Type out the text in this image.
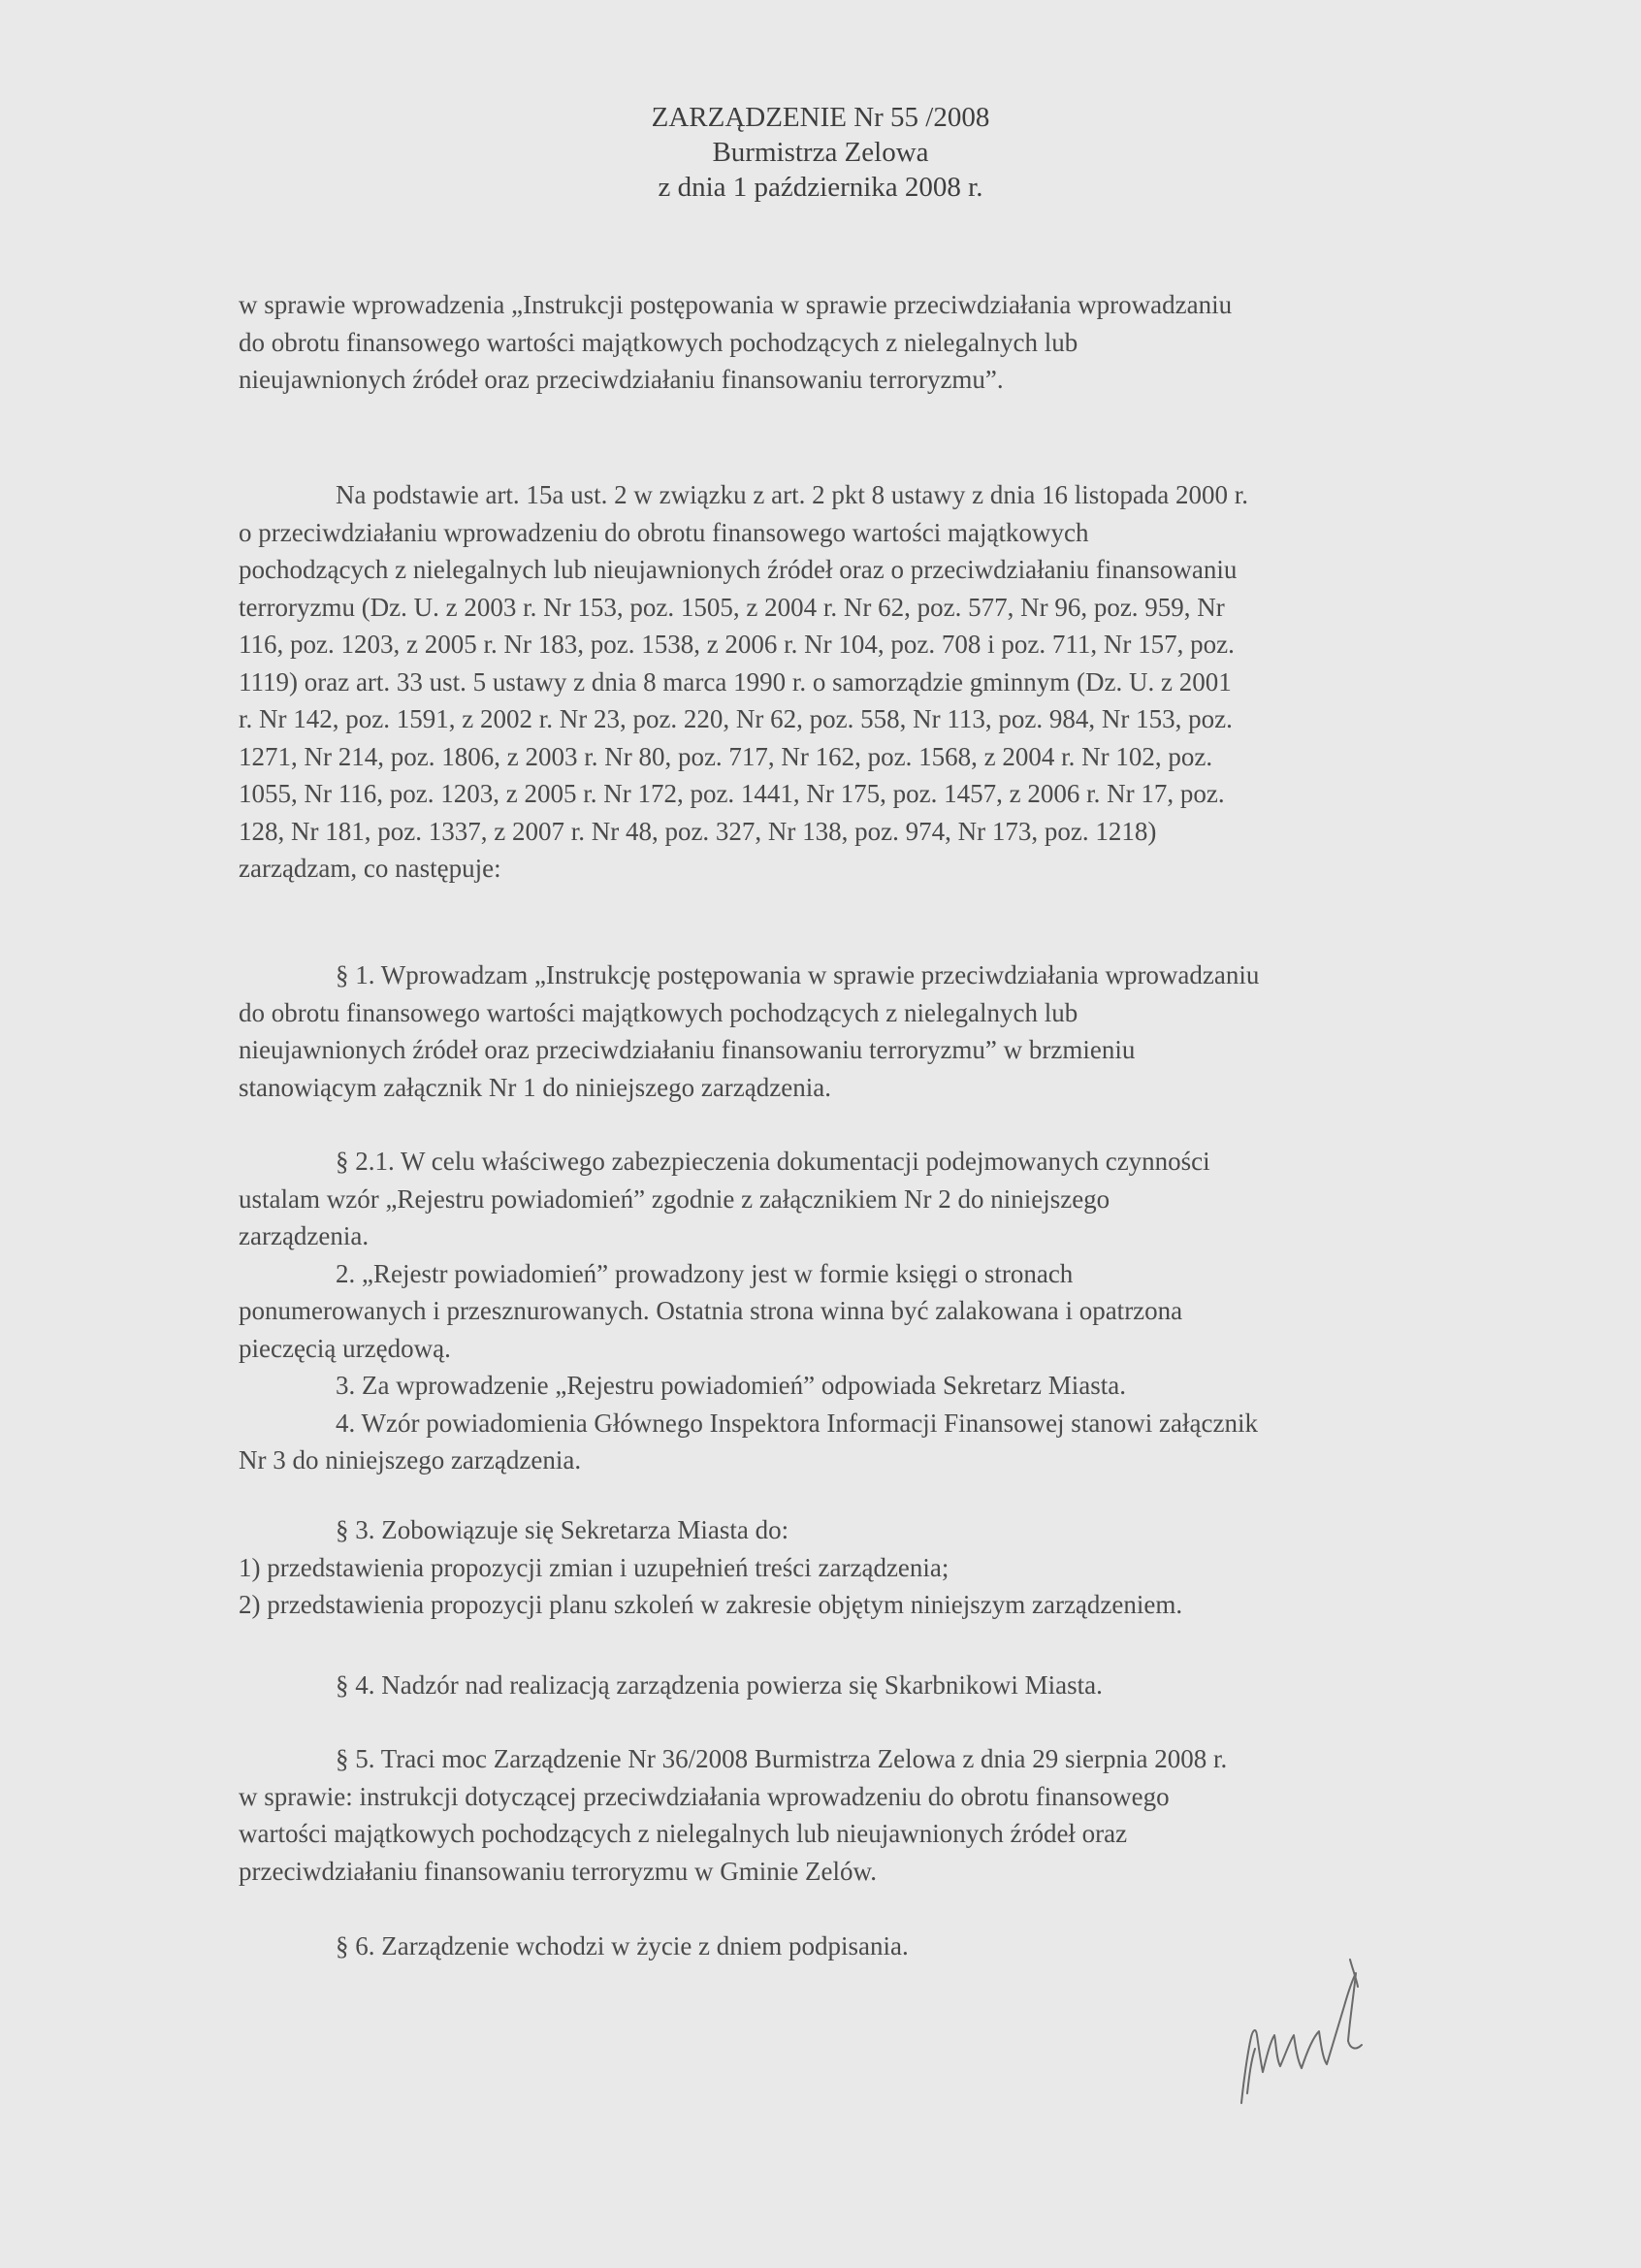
ZARZĄDZENIE Nr 55 /2008
Burmistrza Zelowa
z dnia 1 października 2008 r.
w sprawie wprowadzenia „Instrukcji postępowania w sprawie przeciwdziałania wprowadzaniu
do obrotu finansowego wartości majątkowych pochodzących z nielegalnych lub
nieujawnionych źródeł oraz przeciwdziałaniu finansowaniu terroryzmu”.
Na podstawie art. 15a ust. 2 w związku z art. 2 pkt 8 ustawy z dnia 16 listopada 2000 r.
o przeciwdziałaniu wprowadzeniu do obrotu finansowego wartości majątkowych
pochodzących z nielegalnych lub nieujawnionych źródeł oraz o przeciwdziałaniu finansowaniu
terroryzmu (Dz. U. z 2003 r. Nr 153, poz. 1505, z 2004 r. Nr 62, poz. 577, Nr 96, poz. 959, Nr
116, poz. 1203, z 2005 r. Nr 183, poz. 1538, z 2006 r. Nr 104, poz. 708 i poz. 711, Nr 157, poz.
1119) oraz art. 33 ust. 5 ustawy z dnia 8 marca 1990 r. o samorządzie gminnym (Dz. U. z 2001
r. Nr 142, poz. 1591, z 2002 r. Nr 23, poz. 220, Nr 62, poz. 558, Nr 113, poz. 984, Nr 153, poz.
1271, Nr 214, poz. 1806, z 2003 r. Nr 80, poz. 717, Nr 162, poz. 1568, z 2004 r. Nr 102, poz.
1055, Nr 116, poz. 1203, z 2005 r. Nr 172, poz. 1441, Nr 175, poz. 1457, z 2006 r. Nr 17, poz.
128, Nr 181, poz. 1337, z 2007 r. Nr 48, poz. 327, Nr 138, poz. 974, Nr 173, poz. 1218)
zarządzam, co następuje:
§ 1. Wprowadzam „Instrukcję postępowania w sprawie przeciwdziałania wprowadzaniu
do obrotu finansowego wartości majątkowych pochodzących z nielegalnych lub
nieujawnionych źródeł oraz przeciwdziałaniu finansowaniu terroryzmu” w brzmieniu
stanowiącym załącznik Nr 1 do niniejszego zarządzenia.
§ 2.1. W celu właściwego zabezpieczenia dokumentacji podejmowanych czynności
ustalam wzór „Rejestru powiadomień” zgodnie z załącznikiem Nr 2 do niniejszego
zarządzenia.
2. „Rejestr powiadomień” prowadzony jest w formie księgi o stronach
ponumerowanych i przesznurowanych. Ostatnia strona winna być zalakowana i opatrzona
pieczęcią urzędową.
3. Za wprowadzenie „Rejestru powiadomień” odpowiada Sekretarz Miasta.
4. Wzór powiadomienia Głównego Inspektora Informacji Finansowej stanowi załącznik
Nr 3 do niniejszego zarządzenia.
§ 3. Zobowiązuje się Sekretarza Miasta do:
1) przedstawienia propozycji zmian i uzupełnień treści zarządzenia;
2) przedstawienia propozycji planu szkoleń w zakresie objętym niniejszym zarządzeniem.
§ 4. Nadzór nad realizacją zarządzenia powierza się Skarbnikowi Miasta.
§ 5. Traci moc Zarządzenie Nr 36/2008 Burmistrza Zelowa z dnia 29 sierpnia 2008 r.
w sprawie: instrukcji dotyczącej przeciwdziałania wprowadzeniu do obrotu finansowego
wartości majątkowych pochodzących z nielegalnych lub nieujawnionych źródeł oraz
przeciwdziałaniu finansowaniu terroryzmu w Gminie Zelów.
§ 6. Zarządzenie wchodzi w życie z dniem podpisania.
